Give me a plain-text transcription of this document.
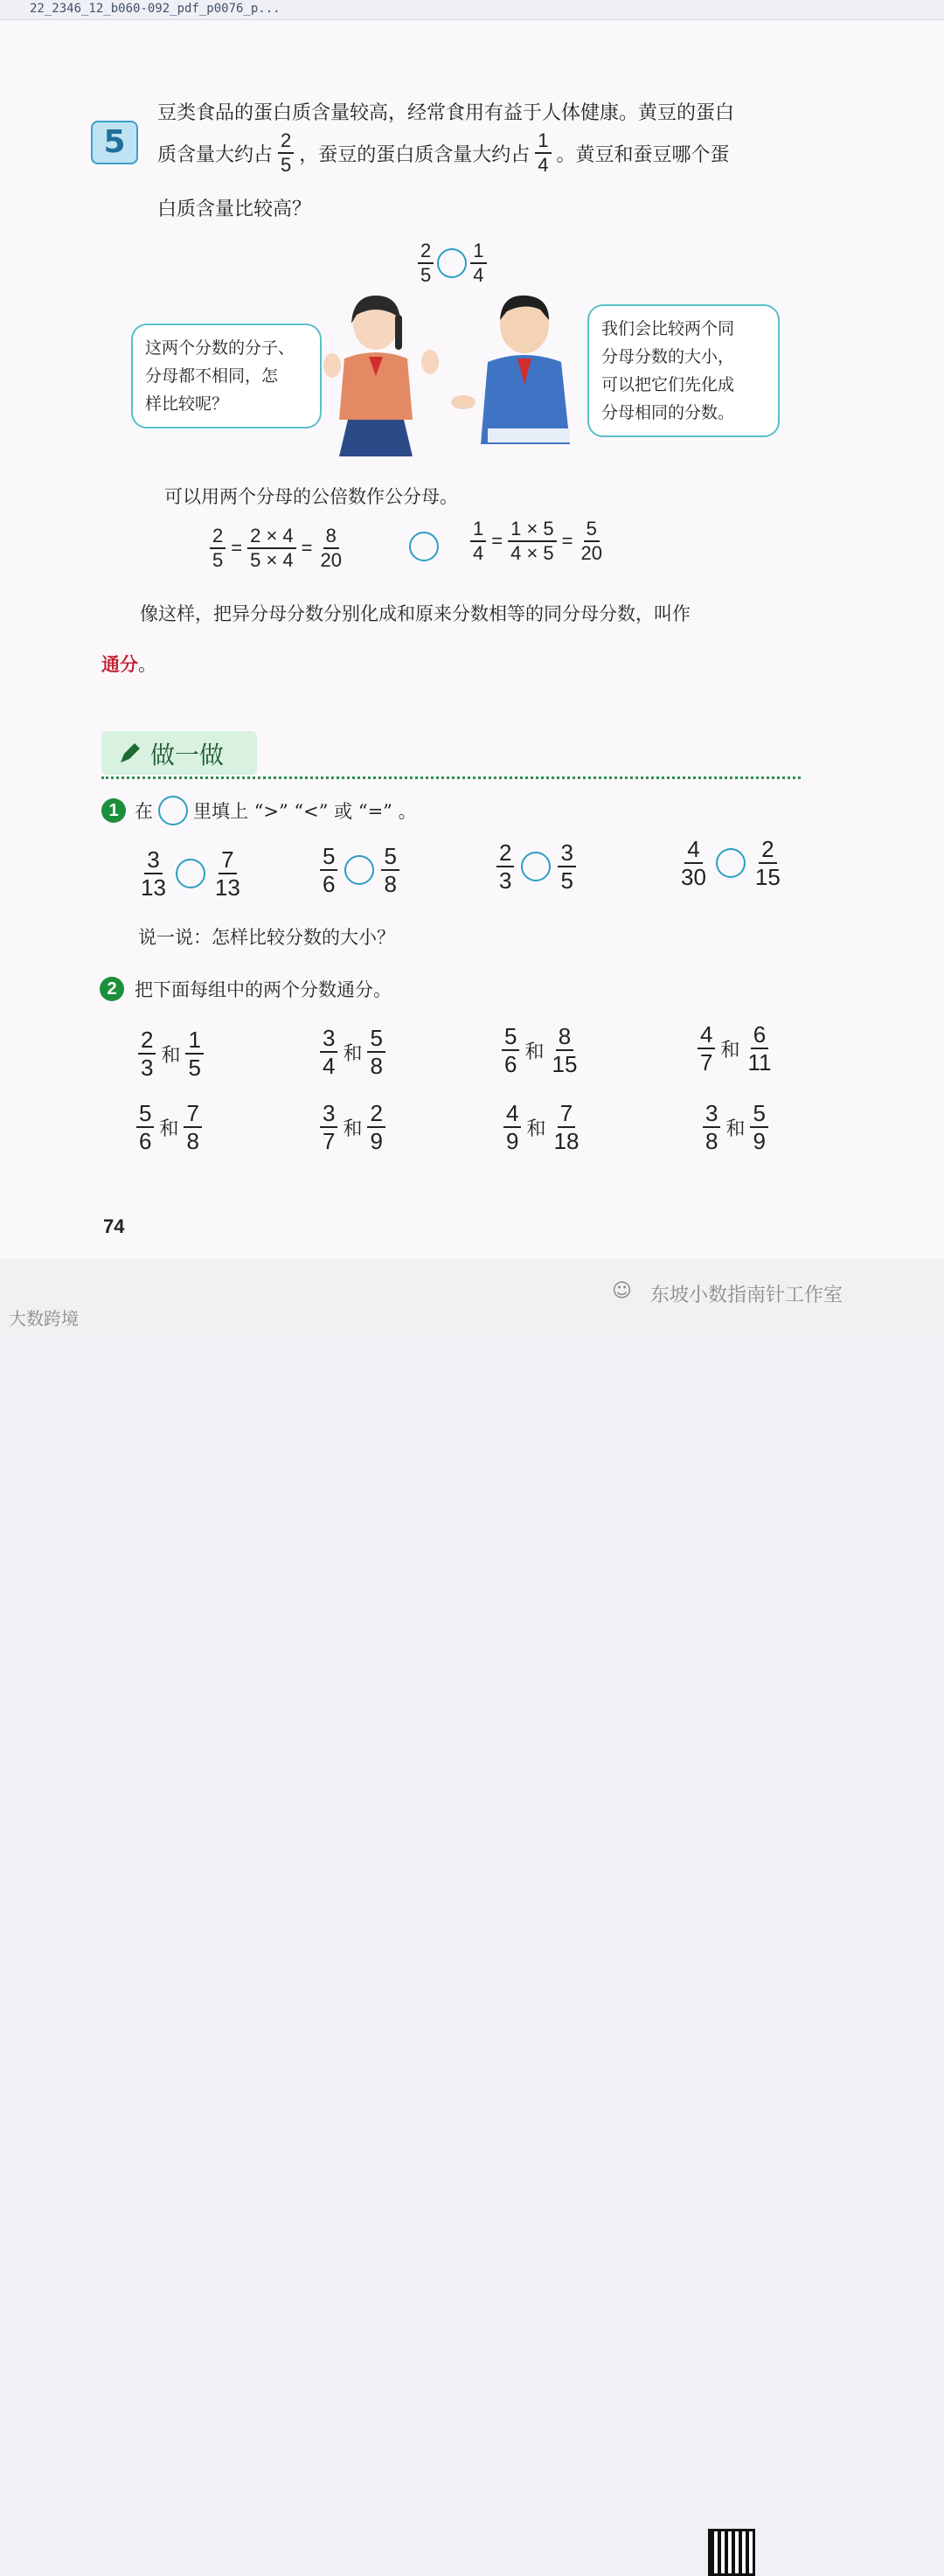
22_2346_12_b060-092_pdf_p0076_p...
5
豆类食品的蛋白质含量较高，经常食用有益于人体健康。黄豆的蛋白
质含量大约占 $\frac{2}{5}$ ，蚕豆的蛋白质含量大约占 $\frac{1}{4}$ 。黄豆和蚕豆哪个蛋
白质含量比较高？
$\frac{2}{5} \frac{1}{4}$
这两个分数的分子、
分母都不相同，怎
样比较呢？
我们会比较两个同
分母分数的大小，
可以把它们先化成
分母相同的分数。
可以用两个分母的公倍数作公分母。
$\frac{2}{5} = \frac{2 \times 4}{5 \times 4} = \frac{8}{20}$	$\frac{1}{4} = \frac{1 \times 5}{4 \times 5} = \frac{5}{20}$
像这样，把异分母分数分别化成和原来分数相等的同分母分数，叫作
通分。
做一做
1 在 里填上 “>” “<” 或 “=” 。
$\frac{3}{13} \frac{7}{13}$	$\frac{5}{6} \frac{5}{8}$	$\frac{2}{3} \frac{3}{5}$	$\frac{4}{30} \frac{2}{15}$
说一说：怎样比较分数的大小？
2 把下面每组中的两个分数通分。
$\frac{2}{3}$ 和 $\frac{1}{5}$	$\frac{3}{4}$ 和 $\frac{5}{8}$	$\frac{5}{6}$ 和 $\frac{8}{15}$	$\frac{4}{7}$ 和 $\frac{6}{11}$
$\frac{5}{6}$ 和 $\frac{7}{8}$	$\frac{3}{7}$ 和 $\frac{2}{9}$	$\frac{4}{9}$ 和 $\frac{7}{18}$	$\frac{3}{8}$ 和 $\frac{5}{9}$
74
大数跨境
☺ 东坡小数指南针工作室
